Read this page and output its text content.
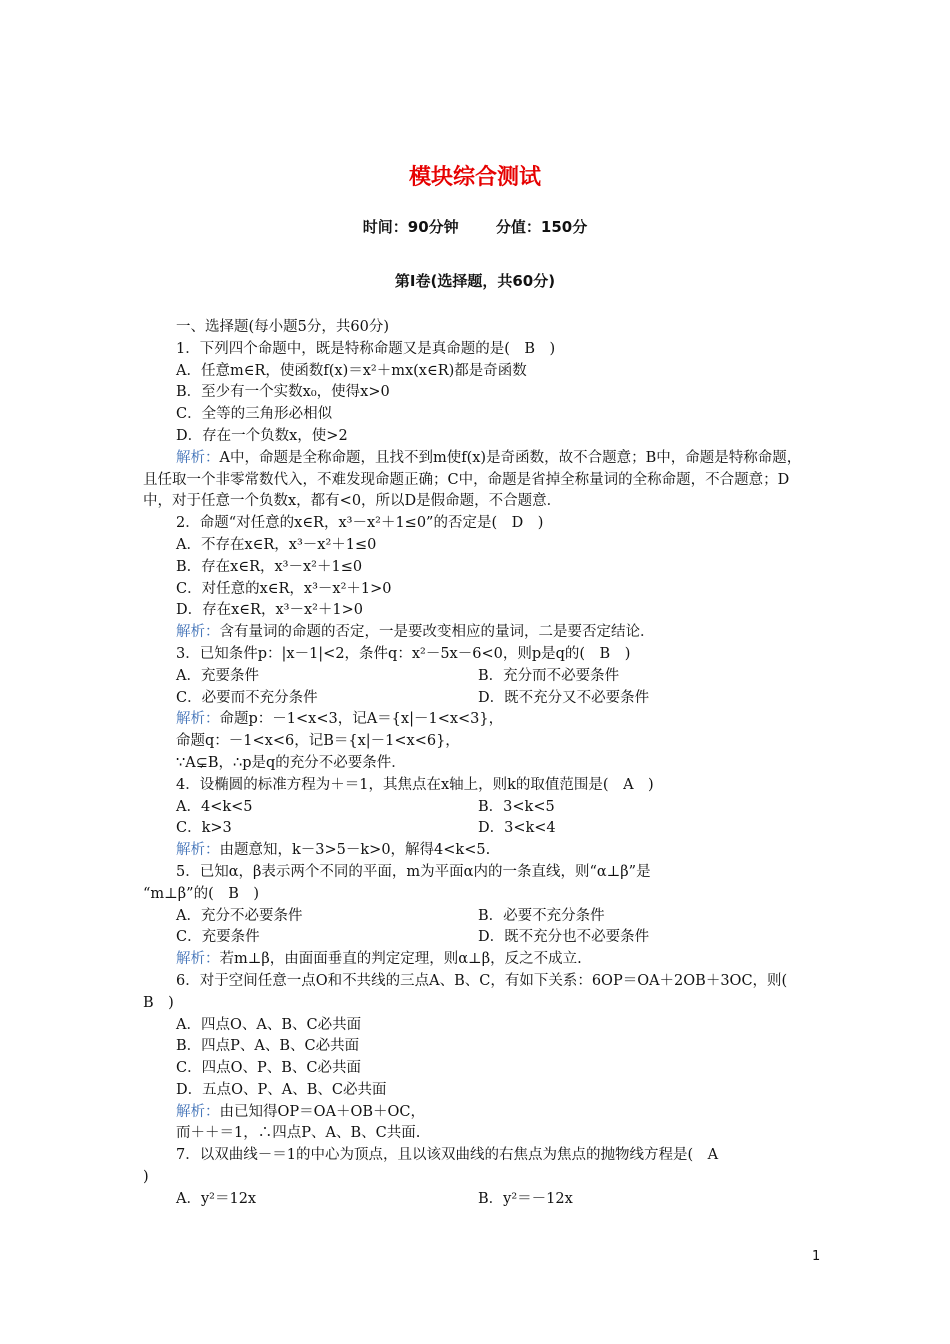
模块综合测试
时间：90分钟 分值：150分
第Ⅰ卷(选择题，共60分)
一、选择题(每小题5分，共60分)
1．下列四个命题中，既是特称命题又是真命题的是(　B　)
A．任意m∈R，使函数f(x)＝x²＋mx(x∈R)都是奇函数
B．至少有一个实数x₀，使得x>0
C．全等的三角形必相似
D．存在一个负数x，使>2
解析：A中，命题是全称命题，且找不到m使f(x)是奇函数，故不合题意；B中，命题是特称命题，且任取一个非零常数代入，不难发现命题正确；C中，命题是省掉全称量词的全称命题，不合题意；D中，对于任意一个负数x，都有<0，所以D是假命题，不合题意．
2．命题“对任意的x∈R，x³－x²＋1≤0”的否定是(　D　)
A．不存在x∈R，x³－x²＋1≤0
B．存在x∈R，x³－x²＋1≤0
C．对任意的x∈R，x³－x²＋1>0
D．存在x∈R，x³－x²＋1>0
解析：含有量词的命题的否定，一是要改变相应的量词，二是要否定结论．
3．已知条件p：|x－1|<2，条件q：x²－5x－6<0，则p是q的(　B　)
A．充要条件	B．充分而不必要条件
C．必要而不充分条件	D．既不充分又不必要条件
解析：命题p：－1<x<3，记A＝{x|－1<x<3}，
命题q：－1<x<6，记B＝{x|－1<x<6}，
∵A⊊B，∴p是q的充分不必要条件．
4．设椭圆的标准方程为＋＝1，其焦点在x轴上，则k的取值范围是(　A　)
A．4<k<5	B．3<k<5
C．k>3	D．3<k<4
解析：由题意知，k－3>5－k>0，解得4<k<5.
5．已知α，β表示两个不同的平面，m为平面α内的一条直线，则“α⊥β”是
“m⊥β”的(　B　)
A．充分不必要条件	B．必要不充分条件
C．充要条件	D．既不充分也不必要条件
解析：若m⊥β，由面面垂直的判定定理，则α⊥β，反之不成立.
6．对于空间任意一点O和不共线的三点A、B、C，有如下关系：6OP＝OA＋2OB＋3OC，则(
B　)
A．四点O、A、B、C必共面
B．四点P、A、B、C必共面
C．四点O、P、B、C必共面
D．五点O、P、A、B、C必共面
解析：由已知得OP＝OA＋OB＋OC，
而＋＋＝1，∴四点P、A、B、C共面.
7．以双曲线－＝1的中心为顶点，且以该双曲线的右焦点为焦点的抛物线方程是(　A
)
A．y²＝12x	B．y²＝－12x
1
